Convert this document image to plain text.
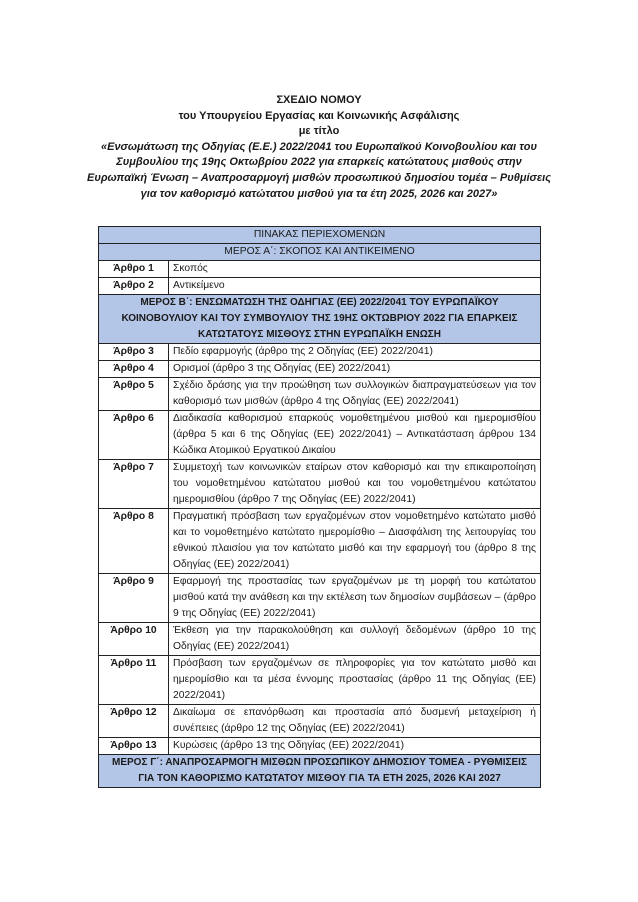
ΣΧΕΔΙΟ ΝΟΜΟΥ
του Υπουργείου Εργασίας και Κοινωνικής Ασφάλισης
με τίτλο
«Ενσωμάτωση της Οδηγίας (Ε.Ε.) 2022/2041 του Ευρωπαϊκού Κοινοβουλίου και του Συμβουλίου της 19ης Οκτωβρίου 2022 για επαρκείς κατώτατους μισθούς στην Ευρωπαϊκή Ένωση – Αναπροσαρμογή μισθών προσωπικού δημοσίου τομέα – Ρυθμίσεις για τον καθορισμό κατώτατου μισθού για τα έτη 2025, 2026 και 2027»
ΠΙΝΑΚΑΣ ΠΕΡΙΕΧΟΜΕΝΩΝ	
ΜΕΡΟΣ Α΄: ΣΚΟΠΟΣ ΚΑΙ ΑΝΤΙΚΕΙΜΕΝΟ	
Άρθρο 1	Σκοπός
Άρθρο 2	Αντικείμενο
ΜΕΡΟΣ Β΄: ΕΝΣΩΜΑΤΩΣΗ ΤΗΣ ΟΔΗΓΙΑΣ (ΕΕ) 2022/2041 ΤΟΥ ΕΥΡΩΠΑΪΚΟΥ ΚΟΙΝΟΒΟΥΛΙΟΥ ΚΑΙ ΤΟΥ ΣΥΜΒΟΥΛΙΟΥ ΤΗΣ 19ΗΣ ΟΚΤΩΒΡΙΟΥ 2022 ΓΙΑ ΕΠΑΡΚΕΙΣ ΚΑΤΩΤΑΤΟΥΣ ΜΙΣΘΟΥΣ ΣΤΗΝ ΕΥΡΩΠΑΪΚΗ ΕΝΩΣΗ	
Άρθρο 3	Πεδίο εφαρμογής (άρθρο της 2 Οδηγίας (ΕΕ) 2022/2041)
Άρθρο 4	Ορισμοί (άρθρο 3 της Οδηγίας (ΕΕ) 2022/2041)
Άρθρο 5	Σχέδιο δράσης για την προώθηση των συλλογικών διαπραγματεύσεων για τον καθορισμό των μισθών (άρθρο 4 της Οδηγίας (ΕΕ) 2022/2041)
Άρθρο 6	Διαδικασία καθορισμού επαρκούς νομοθετημένου μισθού και ημερομισθίου (άρθρα 5 και 6 της Οδηγίας (ΕΕ) 2022/2041) – Αντικατάσταση άρθρου 134 Κώδικα Ατομικού Εργατικού Δικαίου
Άρθρο 7	Συμμετοχή των κοινωνικών εταίρων στον καθορισμό και την επικαιροποίηση του νομοθετημένου κατώτατου μισθού και του νομοθετημένου κατώτατου ημερομισθίου (άρθρο 7 της Οδηγίας (ΕΕ) 2022/2041)
Άρθρο 8	Πραγματική πρόσβαση των εργαζομένων στον νομοθετημένο κατώτατο μισθό και το νομοθετημένο κατώτατο ημερομίσθιο – Διασφάλιση της λειτουργίας του εθνικού πλαισίου για τον κατώτατο μισθό και την εφαρμογή του (άρθρο 8 της Οδηγίας (ΕΕ) 2022/2041)
Άρθρο 9	Εφαρμογή της προστασίας των εργαζομένων με τη μορφή του κατώτατου μισθού κατά την ανάθεση και την εκτέλεση των δημοσίων συμβάσεων – (άρθρο 9 της Οδηγίας (ΕΕ) 2022/2041)
Άρθρο 10	Έκθεση για την παρακολούθηση και συλλογή δεδομένων (άρθρο 10 της Οδηγίας (ΕΕ) 2022/2041)
Άρθρο 11	Πρόσβαση των εργαζομένων σε πληροφορίες για τον κατώτατο μισθό και ημερομίσθιο και τα μέσα έννομης προστασίας (άρθρο 11 της Οδηγίας (ΕΕ) 2022/2041)
Άρθρο 12	Δικαίωμα σε επανόρθωση και προστασία από δυσμενή μεταχείριση ή συνέπειες (άρθρο 12 της Οδηγίας (ΕΕ) 2022/2041)
Άρθρο 13	Κυρώσεις (άρθρο 13 της Οδηγίας (ΕΕ) 2022/2041)
ΜΕΡΟΣ Γ΄: ΑΝΑΠΡΟΣΑΡΜΟΓΗ ΜΙΣΘΩΝ ΠΡΟΣΩΠΙΚΟΥ ΔΗΜΟΣΙΟΥ ΤΟΜΕΑ - ΡΥΘΜΙΣΕΙΣ ΓΙΑ ΤΟΝ ΚΑΘΟΡΙΣΜΟ ΚΑΤΩΤΑΤΟΥ ΜΙΣΘΟΥ ΓΙΑ ΤΑ ΕΤΗ 2025, 2026 ΚΑΙ 2027	
